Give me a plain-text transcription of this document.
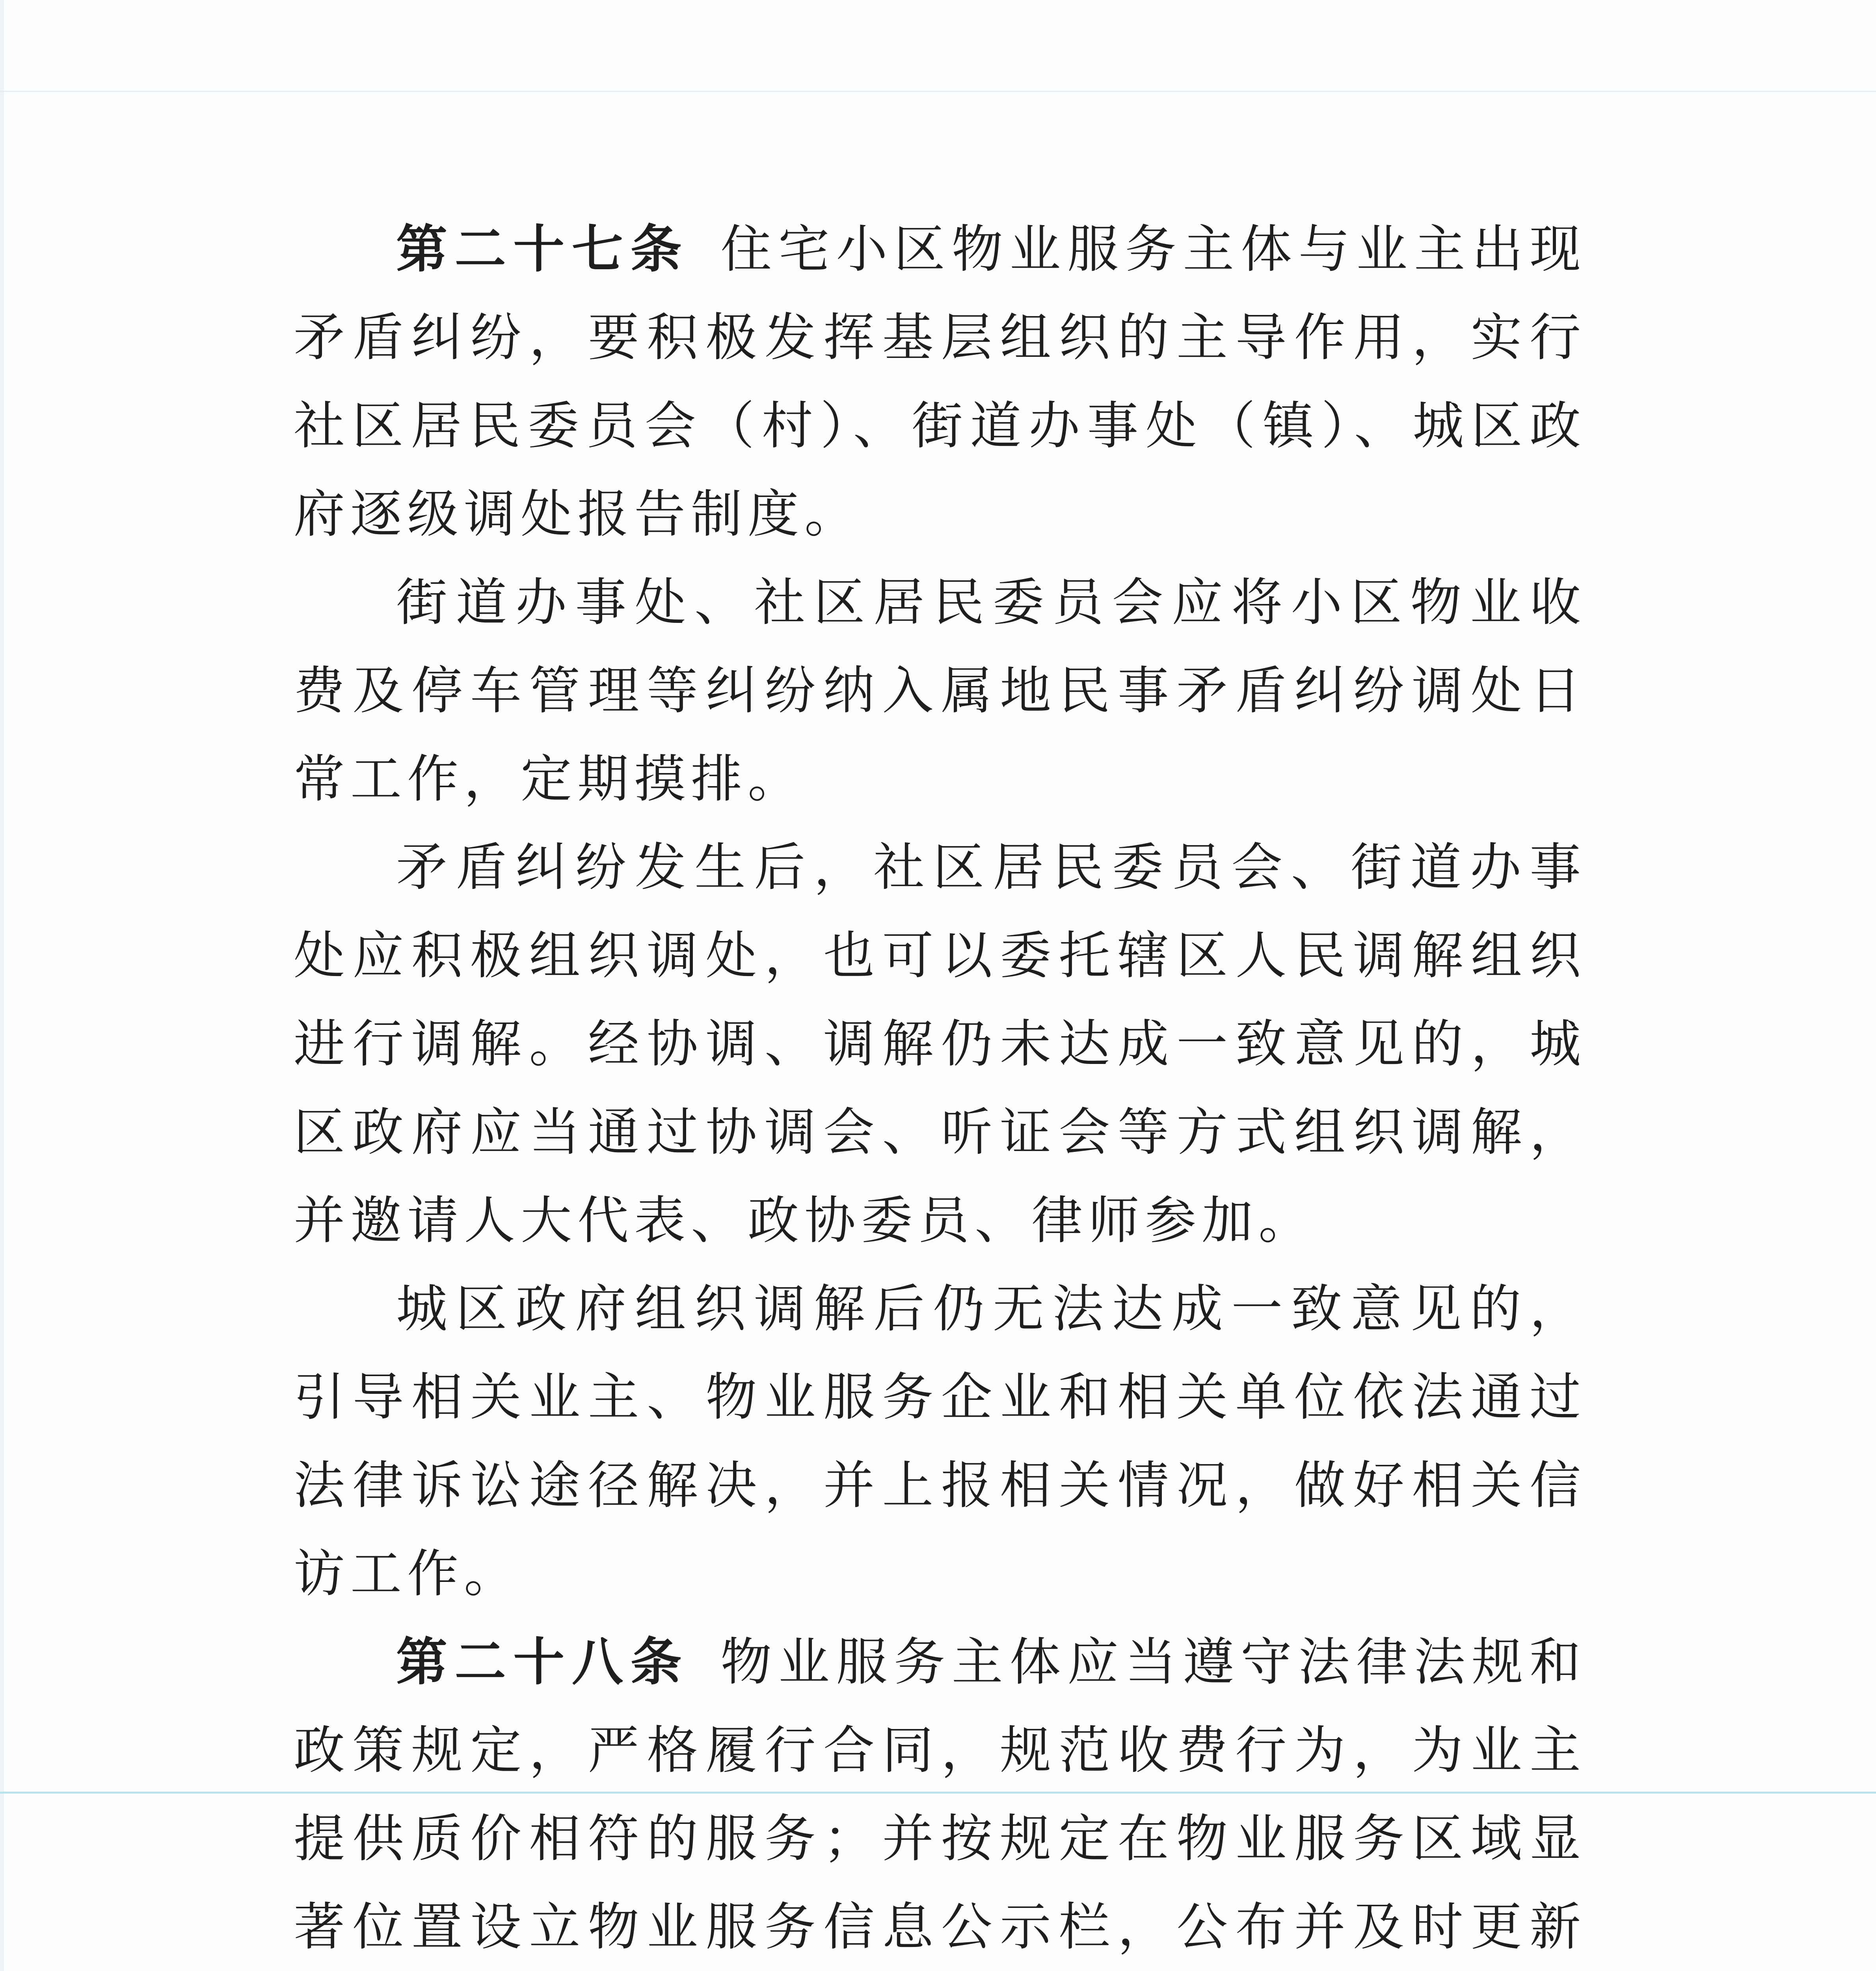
第二十七条 住宅小区物业服务主体与业主出现矛盾纠纷，要积极发挥基层组织的主导作用，实行社区居民委员会（村）、街道办事处（镇）、城区政府逐级调处报告制度。

街道办事处、社区居民委员会应将小区物业收费及停车管理等纠纷纳入属地民事矛盾纠纷调处日常工作，定期摸排。

矛盾纠纷发生后，社区居民委员会、街道办事处应积极组织调处，也可以委托辖区人民调解组织进行调解。经协调、调解仍未达成一致意见的，城区政府应当通过协调会、听证会等方式组织调解，并邀请人大代表、政协委员、律师参加。

城区政府组织调解后仍无法达成一致意见的，引导相关业主、物业服务企业和相关单位依法通过法律诉讼途径解决，并上报相关情况，做好相关信访工作。

第二十八条 物业服务主体应当遵守法律法规和政策规定，严格履行合同，规范收费行为，为业主提供质价相符的服务；并按规定在物业服务区域显著位置设立物业服务信息公示栏，公布并及时更新
